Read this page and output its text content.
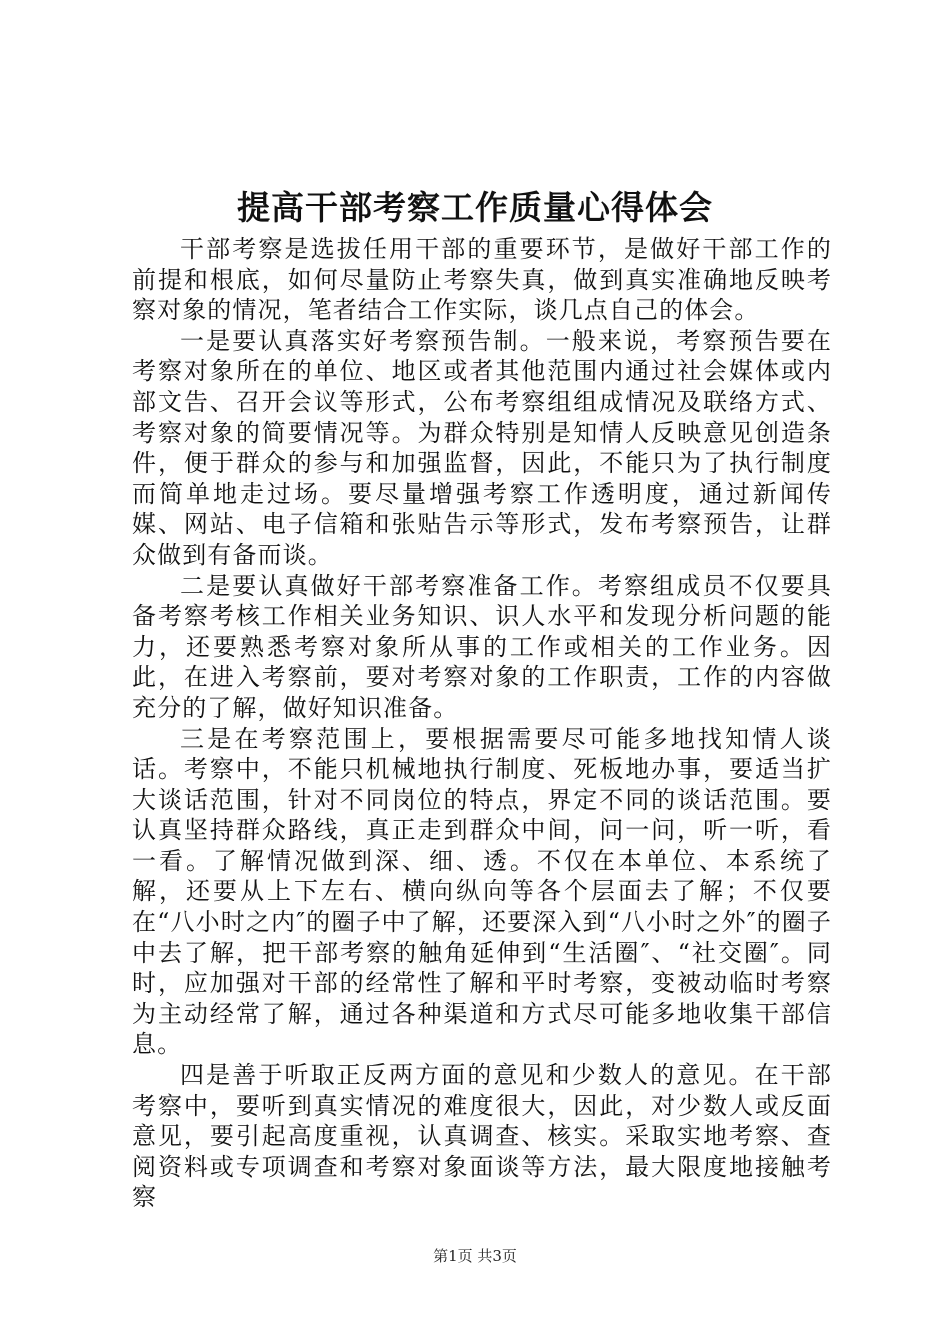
提高干部考察工作质量心得体会

干部考察是选拔任用干部的重要环节，是做好干部工作的前提和根底，如何尽量防止考察失真，做到真实准确地反映考察对象的情况，笔者结合工作实际，谈几点自己的体会。

一是要认真落实好考察预告制。一般来说，考察预告要在考察对象所在的单位、地区或者其他范围内通过社会媒体或内部文告、召开会议等形式，公布考察组组成情况及联络方式、考察对象的简要情况等。为群众特别是知情人反映意见创造条件，便于群众的参与和加强监督，因此，不能只为了执行制度而简单地走过场。要尽量增强考察工作透明度，通过新闻传媒、网站、电子信箱和张贴告示等形式，发布考察预告，让群众做到有备而谈。

二是要认真做好干部考察准备工作。考察组成员不仅要具备考察考核工作相关业务知识、识人水平和发现分析问题的能力，还要熟悉考察对象所从事的工作或相关的工作业务。因此，在进入考察前，要对考察对象的工作职责，工作的内容做充分的了解，做好知识准备。

三是在考察范围上，要根据需要尽可能多地找知情人谈话。考察中，不能只机械地执行制度、死板地办事，要适当扩大谈话范围，针对不同岗位的特点，界定不同的谈话范围。要认真坚持群众路线，真正走到群众中间，问一问，听一听，看一看。了解情况做到深、细、透。不仅在本单位、本系统了解，还要从上下左右、横向纵向等各个层面去了解；不仅要在“八小时之内″的圈子中了解，还要深入到“八小时之外″的圈子中去了解，把干部考察的触角延伸到“生活圈″、“社交圈″。同时，应加强对干部的经常性了解和平时考察，变被动临时考察为主动经常了解，通过各种渠道和方式尽可能多地收集干部信息。

四是善于听取正反两方面的意见和少数人的意见。在干部考察中，要听到真实情况的难度很大，因此，对少数人或反面意见，要引起高度重视，认真调查、核实。采取实地考察、查阅资料或专项调查和考察对象面谈等方法，最大限度地接触考察

第1页 共3页
